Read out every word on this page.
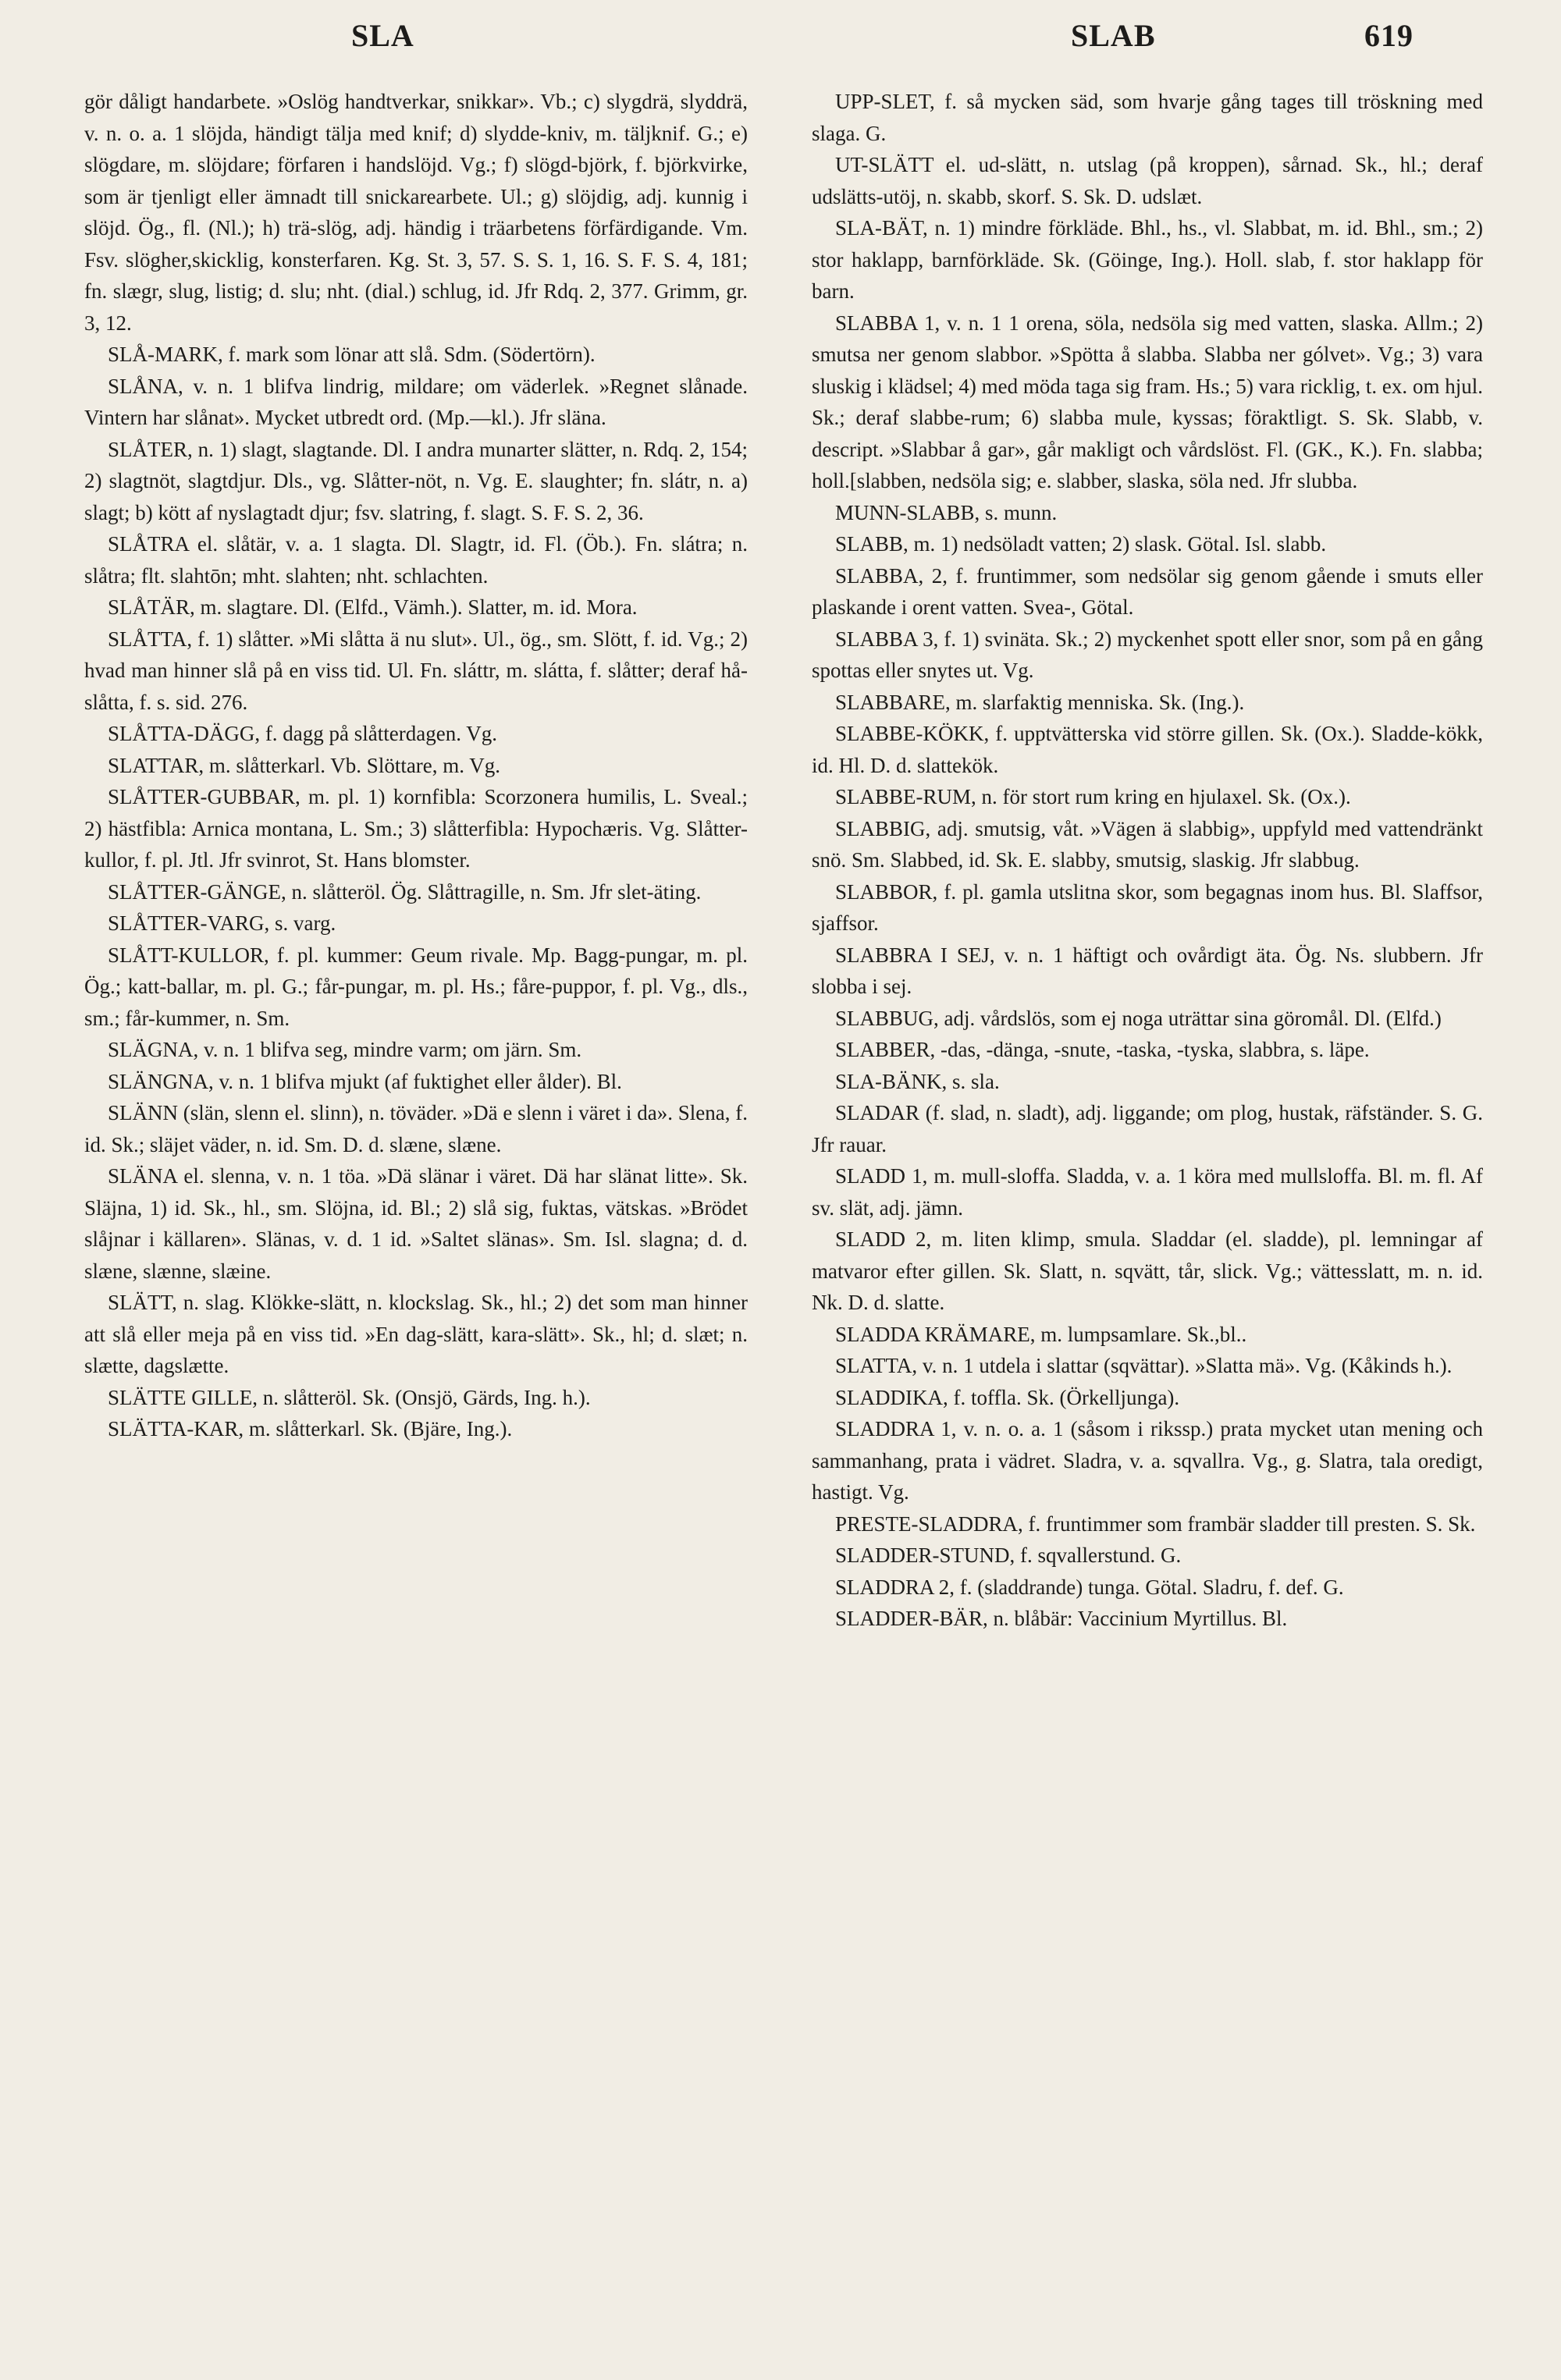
SLA	SLAB	619

gör dåligt handarbete. »Oslög handtverkar, snikkar». Vb.; c) slygdrä, slyddrä, v. n. o. a. 1 slöjda, händigt tälja med knif; d) slydde-kniv, m. täljknif. G.; e) slögdare, m. slöjdare; förfaren i handslöjd. Vg.; f) slögd-björk, f. björkvirke, som är tjenligt eller ämnadt till snickarearbete. Ul.; g) slöjdig, adj. kunnig i slöjd. Ög., fl. (Nl.); h) trä-slög, adj. händig i träarbetens förfärdigande. Vm. Fsv. slögher,skicklig, konsterfaren. Kg. St. 3, 57. S. S. 1, 16. S. F. S. 4, 181; fn. slægr, slug, listig; d. slu; nht. (dial.) schlug, id. Jfr Rdq. 2, 377. Grimm, gr. 3, 12.

SLÅ-MARK, f. mark som lönar att slå. Sdm. (Södertörn).

SLÅNA, v. n. 1 blifva lindrig, mildare; om väderlek. »Regnet slånade. Vintern har slånat». Mycket utbredt ord. (Mp.—kl.). Jfr släna.

SLÅTER, n. 1) slagt, slagtande. Dl. I andra munarter slätter, n. Rdq. 2, 154; 2) slagtnöt, slagtdjur. Dls., vg. Slåtter-nöt, n. Vg. E. slaughter; fn. slátr, n. a) slagt; b) kött af nyslagtadt djur; fsv. slatring, f. slagt. S. F. S. 2, 36.

SLÅTRA el. slåtär, v. a. 1 slagta. Dl. Slagtr, id. Fl. (Öb.). Fn. slátra; n. slåtra; flt. slahtōn; mht. slahten; nht. schlachten.

SLÅTÄR, m. slagtare. Dl. (Elfd., Vämh.). Slatter, m. id. Mora.

SLÅTTA, f. 1) slåtter. »Mi slåtta ä nu slut». Ul., ög., sm. Slött, f. id. Vg.; 2) hvad man hinner slå på en viss tid. Ul. Fn. sláttr, m. slátta, f. slåtter; deraf hå-slåtta, f. s. sid. 276.

SLÅTTA-DÄGG, f. dagg på slåtterdagen. Vg.

SLATTAR, m. slåtterkarl. Vb. Slöttare, m. Vg.

SLÅTTER-GUBBAR, m. pl. 1) kornfibla: Scorzonera humilis, L. Sveal.; 2) hästfibla: Arnica montana, L. Sm.; 3) slåtterfibla: Hypochæris. Vg. Slåtter-kullor, f. pl. Jtl. Jfr svinrot, St. Hans blomster.

SLÅTTER-GÄNGE, n. slåtteröl. Ög. Slåttragille, n. Sm. Jfr slet-äting.

SLÅTTER-VARG, s. varg.

SLÅTT-KULLOR, f. pl. kummer: Geum rivale. Mp. Bagg-pungar, m. pl. Ög.; katt-ballar, m. pl. G.; får-pungar, m. pl. Hs.; fåre-puppor, f. pl. Vg., dls., sm.; får-kummer, n. Sm.

SLÄGNA, v. n. 1 blifva seg, mindre varm; om järn. Sm.

SLÄNGNA, v. n. 1 blifva mjukt (af fuktighet eller ålder). Bl.

SLÄNN (slän, slenn el. slinn), n. töväder. »Dä e slenn i väret i da». Slena, f. id. Sk.; släjet väder, n. id. Sm. D. d. slæne, slæne.

SLÄNA el. slenna, v. n. 1 töa. »Dä slänar i väret. Dä har slänat litte». Sk. Släjna, 1) id. Sk., hl., sm. Slöjna, id. Bl.; 2) slå sig, fuktas, vätskas. »Brödet slåjnar i källaren». Slänas, v. d. 1 id. »Saltet slänas». Sm. Isl. slagna; d. d. slæne, slænne, slæine.

SLÄTT, n. slag. Klökke-slätt, n. klockslag. Sk., hl.; 2) det som man hinner att slå eller meja på en viss tid. »En dag-slätt, kara-slätt». Sk., hl; d. slæt; n. slætte, dagslætte.

SLÄTTE GILLE, n. slåtteröl. Sk. (Onsjö, Gärds, Ing. h.).

SLÄTTA-KAR, m. slåtterkarl. Sk. (Bjäre, Ing.).

UPP-SLET, f. så mycken säd, som hvarje gång tages till tröskning med slaga. G.

UT-SLÄTT el. ud-slätt, n. utslag (på kroppen), sårnad. Sk., hl.; deraf udslätts-utöj, n. skabb, skorf. S. Sk. D. udslæt.

SLA-BÄT, n. 1) mindre förkläde. Bhl., hs., vl. Slabbat, m. id. Bhl., sm.; 2) stor haklapp, barnförkläde. Sk. (Göinge, Ing.). Holl. slab, f. stor haklapp för barn.

SLABBA 1, v. n. 1 1 orena, söla, nedsöla sig med vatten, slaska. Allm.; 2) smutsa ner genom slabbor. »Spötta å slabba. Slabba ner gólvet». Vg.; 3) vara sluskig i klädsel; 4) med möda taga sig fram. Hs.; 5) vara ricklig, t. ex. om hjul. Sk.; deraf slabbe-rum; 6) slabba mule, kyssas; föraktligt. S. Sk. Slabb, v. descript. »Slabbar å gar», går makligt och vårdslöst. Fl. (GK., K.). Fn. slabba; holl.[slabben, nedsöla sig; e. slabber, slaska, söla ned. Jfr slubba.

MUNN-SLABB, s. munn.

SLABB, m. 1) nedsöladt vatten; 2) slask. Götal. Isl. slabb.

SLABBA, 2, f. fruntimmer, som nedsölar sig genom gående i smuts eller plaskande i orent vatten. Svea-, Götal.

SLABBA 3, f. 1) svinäta. Sk.; 2) myckenhet spott eller snor, som på en gång spottas eller snytes ut. Vg.

SLABBARE, m. slarfaktig menniska. Sk. (Ing.).

SLABBE-KÖKK, f. upptvätterska vid större gillen. Sk. (Ox.). Sladde-kökk, id. Hl. D. d. slattekök.

SLABBE-RUM, n. för stort rum kring en hjulaxel. Sk. (Ox.).

SLABBIG, adj. smutsig, våt. »Vägen ä slabbig», uppfyld med vattendränkt snö. Sm. Slabbed, id. Sk. E. slabby, smutsig, slaskig. Jfr slabbug.

SLABBOR, f. pl. gamla utslitna skor, som begagnas inom hus. Bl. Slaffsor, sjaffsor.

SLABBRA I SEJ, v. n. 1 häftigt och ovårdigt äta. Ög. Ns. slubbern. Jfr slobba i sej.

SLABBUG, adj. vårdslös, som ej noga uträttar sina göromål. Dl. (Elfd.)

SLABBER, -das, -dänga, -snute, -taska, -tyska, slabbra, s. läpe.

SLA-BÄNK, s. sla.

SLADAR (f. slad, n. sladt), adj. liggande; om plog, hustak, räfständer. S. G. Jfr rauar.

SLADD 1, m. mull-sloffa. Sladda, v. a. 1 köra med mullsloffa. Bl. m. fl. Af sv. slät, adj. jämn.

SLADD 2, m. liten klimp, smula. Sladdar (el. sladde), pl. lemningar af matvaror efter gillen. Sk. Slatt, n. sqvätt, tår, slick. Vg.; vättesslatt, m. n. id. Nk. D. d. slatte.

SLADDA KRÄMARE, m. lumpsamlare. Sk.,bl..

SLATTA, v. n. 1 utdela i slattar (sqvättar). »Slatta mä». Vg. (Kåkinds h.).

SLADDIKA, f. toffla. Sk. (Örkelljunga).

SLADDRA 1, v. n. o. a. 1 (såsom i rikssp.) prata mycket utan mening och sammanhang, prata i vädret. Sladra, v. a. sqvallra. Vg., g. Slatra, tala oredigt, hastigt. Vg.

PRESTE-SLADDRA, f. fruntimmer som frambär sladder till presten. S. Sk.

SLADDER-STUND, f. sqvallerstund. G.

SLADDRA 2, f. (sladdrande) tunga. Götal. Sladru, f. def. G.

SLADDER-BÄR, n. blåbär: Vaccinium Myrtillus. Bl.
